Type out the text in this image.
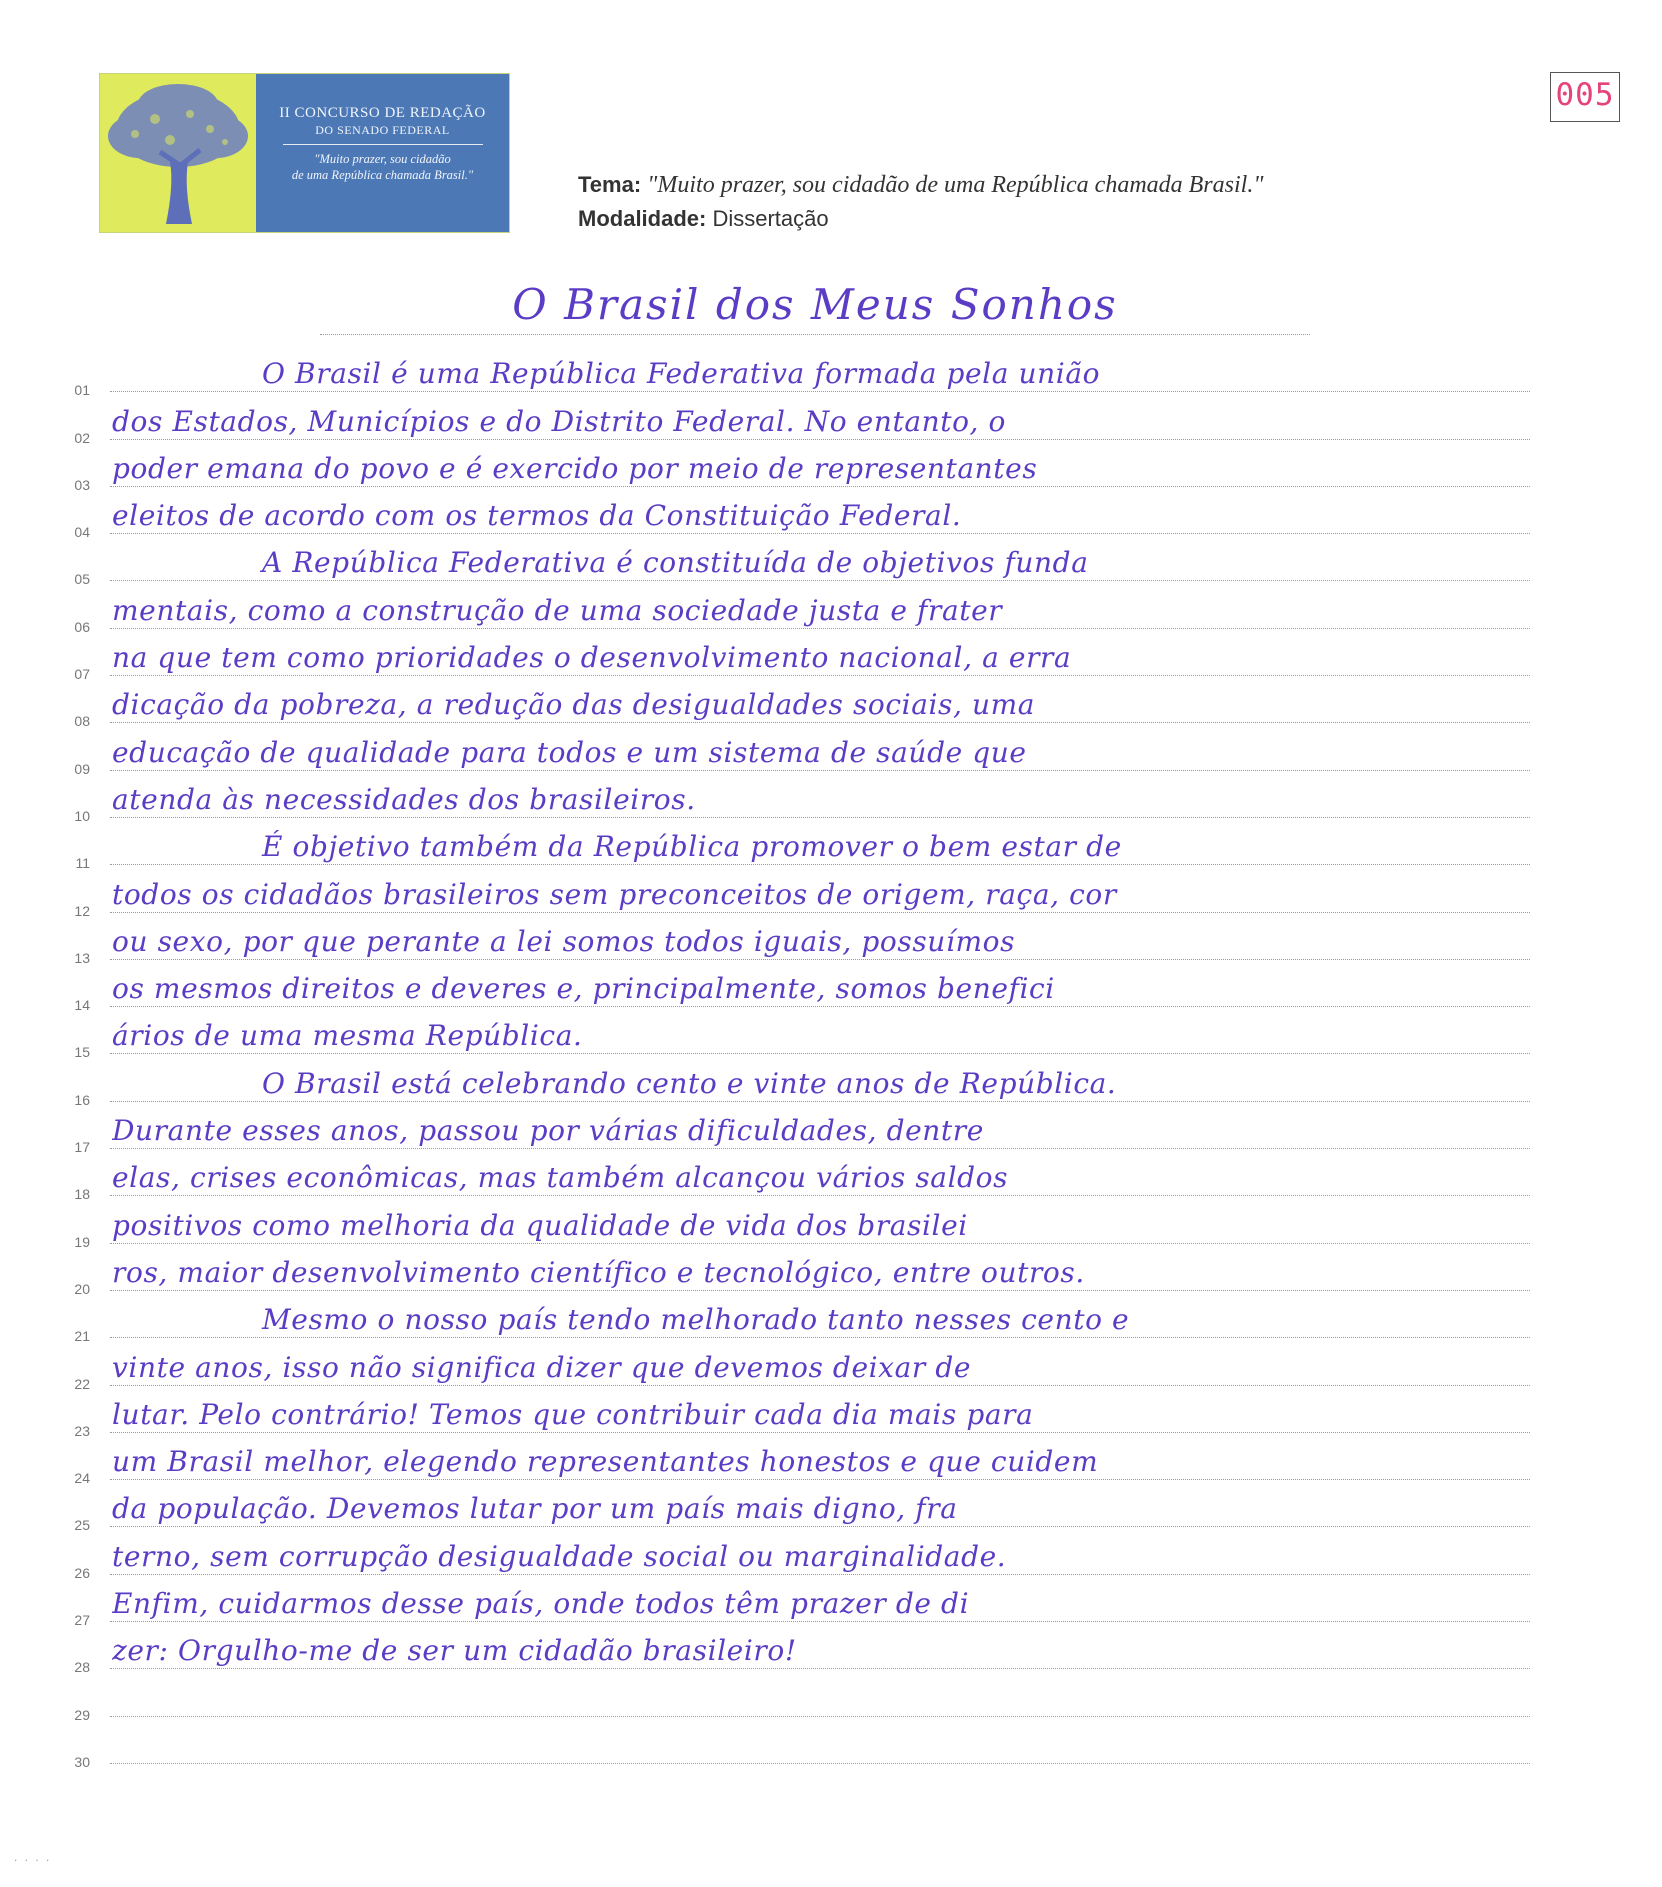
II CONCURSO DE REDAÇÃO
DO SENADO FEDERAL
"Muito prazer, sou cidadão
de uma República chamada Brasil."
005
Tema: "Muito prazer, sou cidadão de uma República chamada Brasil."
Modalidade: Dissertação
O Brasil dos Meus Sonhos
01	O Brasil é uma República Federativa formada pela união
02 dos Estados, Municípios e do Distrito Federal. No entanto, o
03 poder emana do povo e é exercido por meio de representantes
04 eleitos de acordo com os termos da Constituição Federal.
05	A República Federativa é constituída de objetivos funda
06 mentais, como a construção de uma sociedade justa e frater
07 na que tem como prioridades o desenvolvimento nacional, a erra
08 dicação da pobreza, a redução das desigualdades sociais, uma
09 educação de qualidade para todos e um sistema de saúde que
10 atenda às necessidades dos brasileiros.
11	É objetivo também da República promover o bem estar de
12 todos os cidadãos brasileiros sem preconceitos de origem, raça, cor
13 ou sexo, por que perante a lei somos todos iguais, possuímos
14 os mesmos direitos e deveres e, principalmente, somos benefici
15 ários de uma mesma República.
16	O Brasil está celebrando cento e vinte anos de República.
17 Durante esses anos, passou por várias dificuldades, dentre
18 elas, crises econômicas, mas também alcançou vários saldos
19 positivos como melhoria da qualidade de vida dos brasilei
20 ros, maior desenvolvimento científico e tecnológico, entre outros.
21	Mesmo o nosso país tendo melhorado tanto nesses cento e
22 vinte anos, isso não significa dizer que devemos deixar de
23 lutar. Pelo contrário! Temos que contribuir cada dia mais para
24 um Brasil melhor, elegendo representantes honestos e que cuidem
25 da população. Devemos lutar por um país mais digno, fra
26 terno, sem corrupção desigualdade social ou marginalidade.
27 Enfim, cuidarmos desse país, onde todos têm prazer de di
28 zer: Orgulho-me de ser um cidadão brasileiro!
29
30
. . . .
